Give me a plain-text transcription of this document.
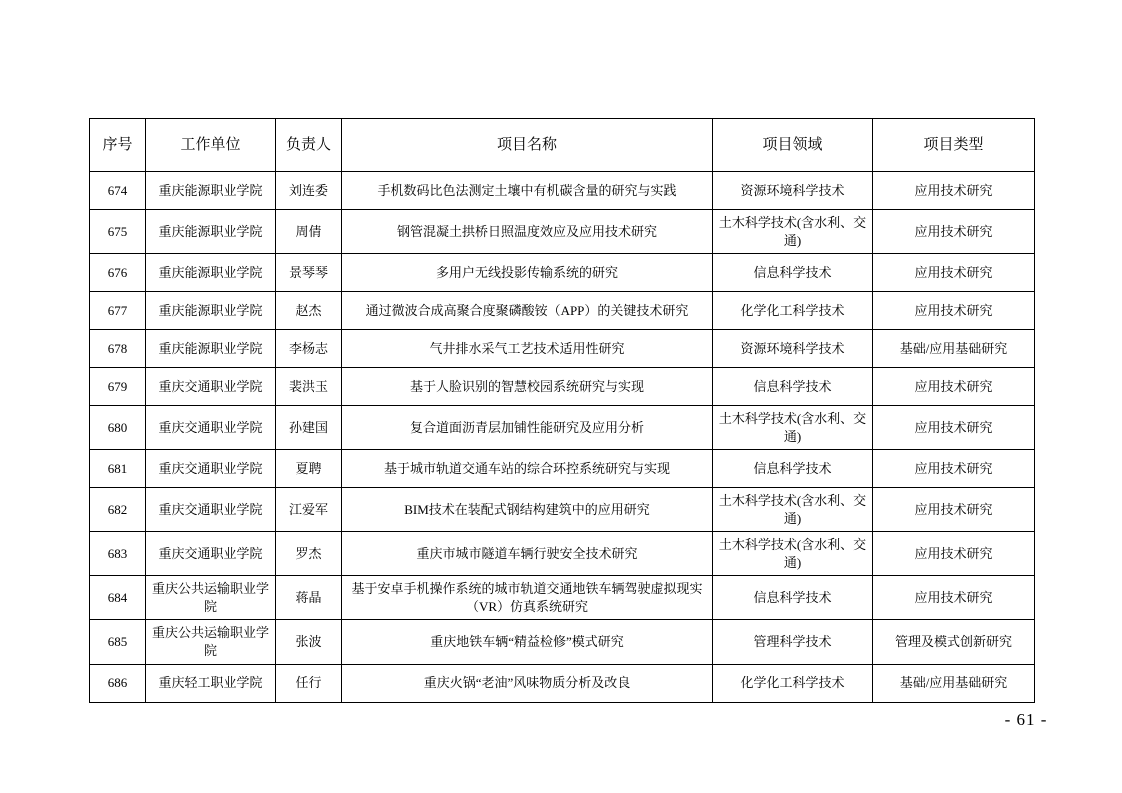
序号	工作单位	负责人	项目名称	项目领域	项目类型
674	重庆能源职业学院	刘连委	手机数码比色法测定土壤中有机碳含量的研究与实践	资源环境科学技术	应用技术研究
675	重庆能源职业学院	周倩	钢管混凝土拱桥日照温度效应及应用技术研究	土木科学技术(含水利、交通)	应用技术研究
676	重庆能源职业学院	景琴琴	多用户无线投影传输系统的研究	信息科学技术	应用技术研究
677	重庆能源职业学院	赵杰	通过微波合成高聚合度聚磷酸铵（APP）的关键技术研究	化学化工科学技术	应用技术研究
678	重庆能源职业学院	李杨志	气井排水采气工艺技术适用性研究	资源环境科学技术	基础/应用基础研究
679	重庆交通职业学院	裴洪玉	基于人脸识别的智慧校园系统研究与实现	信息科学技术	应用技术研究
680	重庆交通职业学院	孙建国	复合道面沥青层加铺性能研究及应用分析	土木科学技术(含水利、交通)	应用技术研究
681	重庆交通职业学院	夏聘	基于城市轨道交通车站的综合环控系统研究与实现	信息科学技术	应用技术研究
682	重庆交通职业学院	江爱军	BIM技术在装配式钢结构建筑中的应用研究	土木科学技术(含水利、交通)	应用技术研究
683	重庆交通职业学院	罗杰	重庆市城市隧道车辆行驶安全技术研究	土木科学技术(含水利、交通)	应用技术研究
684	重庆公共运输职业学院	蒋晶	基于安卓手机操作系统的城市轨道交通地铁车辆驾驶虚拟现实（VR）仿真系统研究	信息科学技术	应用技术研究
685	重庆公共运输职业学院	张波	重庆地铁车辆“精益检修”模式研究	管理科学技术	管理及模式创新研究
686	重庆轻工职业学院	任行	重庆火锅“老油”风味物质分析及改良	化学化工科学技术	基础/应用基础研究
- 61 -
